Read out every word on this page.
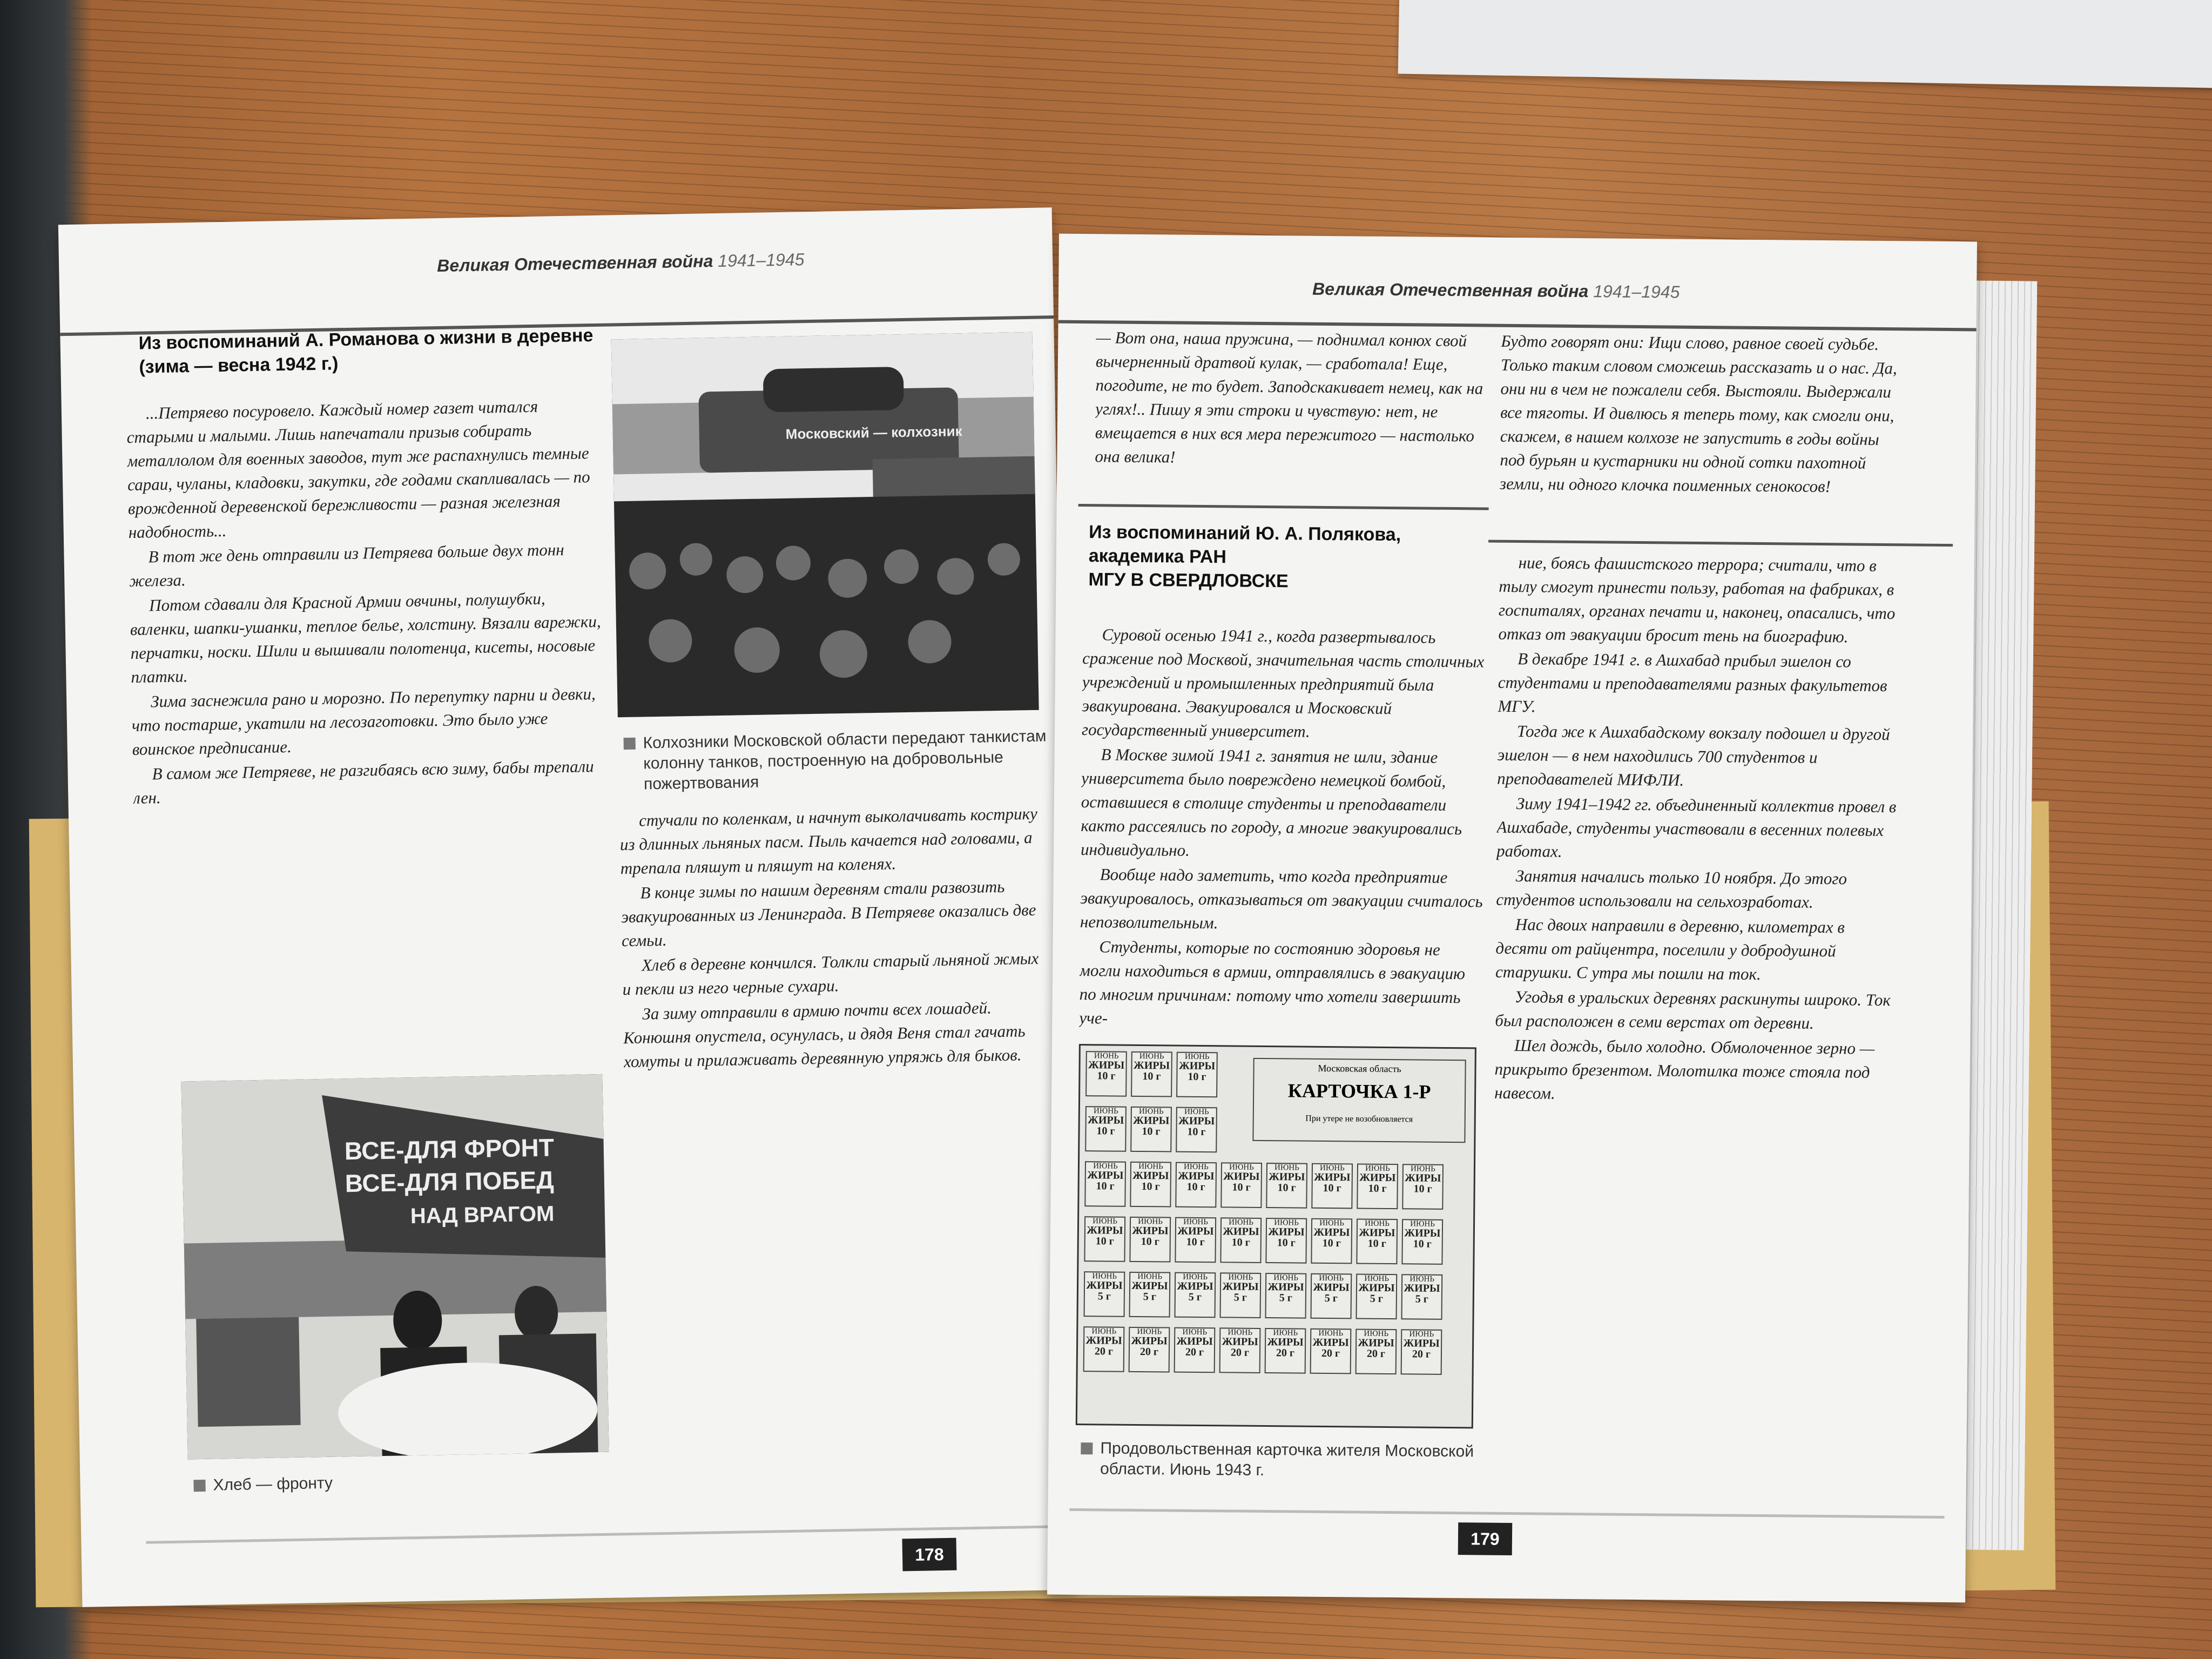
Великая Отечественная война 1941–1945
Из воспоминаний А. Романова о жизни в деревне (зима — весна 1942 г.)

...Петряево посуровело. Каждый номер газет читался старыми и малыми. Лишь напечатали призыв собирать металлолом для военных заводов, тут же распахнулись темные сараи, чуланы, кладовки, закутки, где годами скапливалась — по врожденной деревенской бережливости — разная железная надобность...

В тот же день отправили из Петряева больше двух тонн железа.

Потом сдавали для Красной Армии овчины, полушубки, валенки, шапки-ушанки, теплое белье, холстину. Вязали варежки, перчатки, носки. Шили и вышивали полотенца, кисеты, носовые платки.

Зима заснежила рано и морозно. По перепутку парни и девки, что постарше, укатили на лесозаготовки. Это было уже воинское предписание.

В самом же Петряеве, не разгибаясь всю зиму, бабы трепали лен.

Московский — колхозник
Колхозники Московской области передают танкистам колонну танков, построенную на добровольные пожертвования

стучали по коленкам, и начнут выколачивать кострику из длинных льняных пасм. Пыль качается над головами, а трепала пляшут и пляшут на коленях.

В конце зимы по нашим деревням стали развозить эвакуированных из Ленинграда. В Петряеве оказались две семьи.

Хлеб в деревне кончился. Толкли старый льняной жмых и пекли из него черные сухари.

За зиму отправили в армию почти всех лошадей. Конюшня опустела, осунулась, и дядя Веня стал гачать хомуты и прилаживать деревянную упряжь для быков.

ВСЕ-ДЛЯ ФРОНТ
ВСЕ-ДЛЯ ПОБЕД
НАД ВРАГОМ
Хлеб — фронту
178
Великая Отечественная война 1941–1945
— Вот она, наша пружина, — поднимал конюх свой вычерненный дратвой кулак, — сработала! Еще, погодите, не то будет. Заподскакивает немец, как на углях!.. Пишу я эти строки и чувствую: нет, не вмещается в них вся мера пережитого — настолько она велика!
Будто говорят они: Ищи слово, равное своей судьбе. Только таким словом сможешь рассказать и о нас. Да, они ни в чем не пожалели себя. Выстояли. Выдержали все тяготы. И дивлюсь я теперь тому, как смогли они, скажем, в нашем колхозе не запустить в годы войны под бурьян и кустарники ни одной сотки пахотной земли, ни одного клочка поименных сенокосов!
Из воспоминаний Ю. А. Полякова,
академика РАН
МГУ В СВЕРДЛОВСКЕ

Суровой осенью 1941 г., когда развертывалось сражение под Москвой, значительная часть столичных учреждений и промышленных предприятий была эвакуирована. Эвакуировался и Московский государственный университет.

В Москве зимой 1941 г. занятия не шли, здание университета было повреждено немецкой бомбой, оставшиеся в столице студенты и преподаватели както рассеялись по городу, а многие эвакуировались индивидуально.

Вообще надо заметить, что когда предприятие эвакуировалось, отказываться от эвакуации считалось непозволительным.

Студенты, которые по состоянию здоровья не могли находиться в армии, отправлялись в эвакуацию по многим причинам: потому что хотели завершить уче-

ние, боясь фашистского террора; считали, что в тылу смогут принести пользу, работая на фабриках, в госпиталях, органах печати и, наконец, опасались, что отказ от эвакуации бросит тень на биографию.

В декабре 1941 г. в Ашхабад прибыл эшелон со студентами и преподавателями разных факультетов МГУ.

Тогда же к Ашхабадскому вокзалу подошел и другой эшелон — в нем находились 700 студентов и преподавателей МИФЛИ.

Зиму 1941–1942 гг. объединенный коллектив провел в Ашхабаде, студенты участвовали в весенних полевых работах.

Занятия начались только 10 ноября. До этого студентов использовали на сельхозработах.

Нас двоих направили в деревню, километрах в десяти от райцентра, поселили у добродушной старушки. С утра мы пошли на ток.

Угодья в уральских деревнях раскинуты широко. Ток был расположен в семи верстах от деревни.

Шел дождь, было холодно. Обмолоченное зерно — прикрыто брезентом. Молотилка тоже стояла под навесом.

Московская область
КАРТОЧКА 1-Р
При утере не возобновляется
ИЮНЬ
ЖИРЫ
10 г
ИЮНЬ
ЖИРЫ
10 г
ИЮНЬ
ЖИРЫ
10 г
ИЮНЬ
ЖИРЫ
10 г
ИЮНЬ
ЖИРЫ
10 г
ИЮНЬ
ЖИРЫ
10 г
ИЮНЬ
ЖИРЫ
10 г
ИЮНЬ
ЖИРЫ
10 г
ИЮНЬ
ЖИРЫ
10 г
ИЮНЬ
ЖИРЫ
10 г
ИЮНЬ
ЖИРЫ
10 г
ИЮНЬ
ЖИРЫ
10 г
ИЮНЬ
ЖИРЫ
10 г
ИЮНЬ
ЖИРЫ
10 г
ИЮНЬ
ЖИРЫ
10 г
ИЮНЬ
ЖИРЫ
10 г
ИЮНЬ
ЖИРЫ
10 г
ИЮНЬ
ЖИРЫ
10 г
ИЮНЬ
ЖИРЫ
10 г
ИЮНЬ
ЖИРЫ
10 г
ИЮНЬ
ЖИРЫ
10 г
ИЮНЬ
ЖИРЫ
10 г
ИЮНЬ
ЖИРЫ
5 г
ИЮНЬ
ЖИРЫ
5 г
ИЮНЬ
ЖИРЫ
5 г
ИЮНЬ
ЖИРЫ
5 г
ИЮНЬ
ЖИРЫ
5 г
ИЮНЬ
ЖИРЫ
5 г
ИЮНЬ
ЖИРЫ
5 г
ИЮНЬ
ЖИРЫ
5 г
ИЮНЬ
ЖИРЫ
20 г
ИЮНЬ
ЖИРЫ
20 г
ИЮНЬ
ЖИРЫ
20 г
ИЮНЬ
ЖИРЫ
20 г
ИЮНЬ
ЖИРЫ
20 г
ИЮНЬ
ЖИРЫ
20 г
ИЮНЬ
ЖИРЫ
20 г
ИЮНЬ
ЖИРЫ
20 г
Продовольственная карточка жителя Московской области. Июнь 1943 г.
179
